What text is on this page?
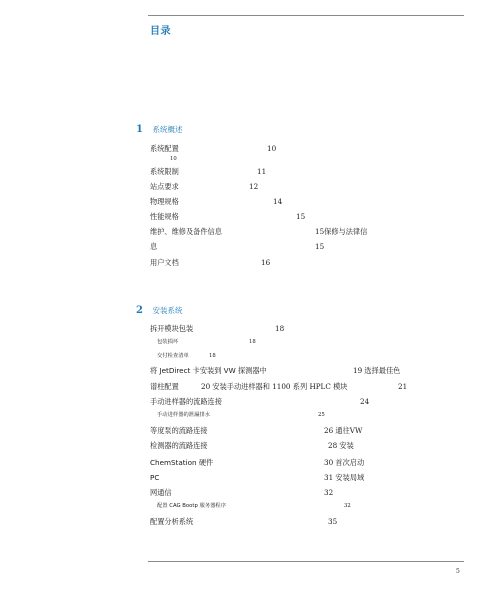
目录
1 系统概述
系统配置	10
10
系统限制	11
站点要求	12
物理规格	14
性能规格	15
维护、维修及备件信息	15保修与法律信
息	15
用户文档	16
2 安装系统
拆开模块包装	18
包装损坏	18
交付检查清单	18
将 JetDirect 卡安装到 VW 探测器中	19 选择最佳色
谱柱配置	20 安装手动进样器和 1100 系列 HPLC 模块	21
手动进样器的流路连接	24
手动进样器的泄漏排水	25
等度泵的流路连接	26 通往VW
检测器的流路连接	28 安装
ChemStation 硬件	30 首次启动
PC	31 安装局域
网通信	32
配置 CAG Bootp 服务器程序	32
配置分析系统	35
5
